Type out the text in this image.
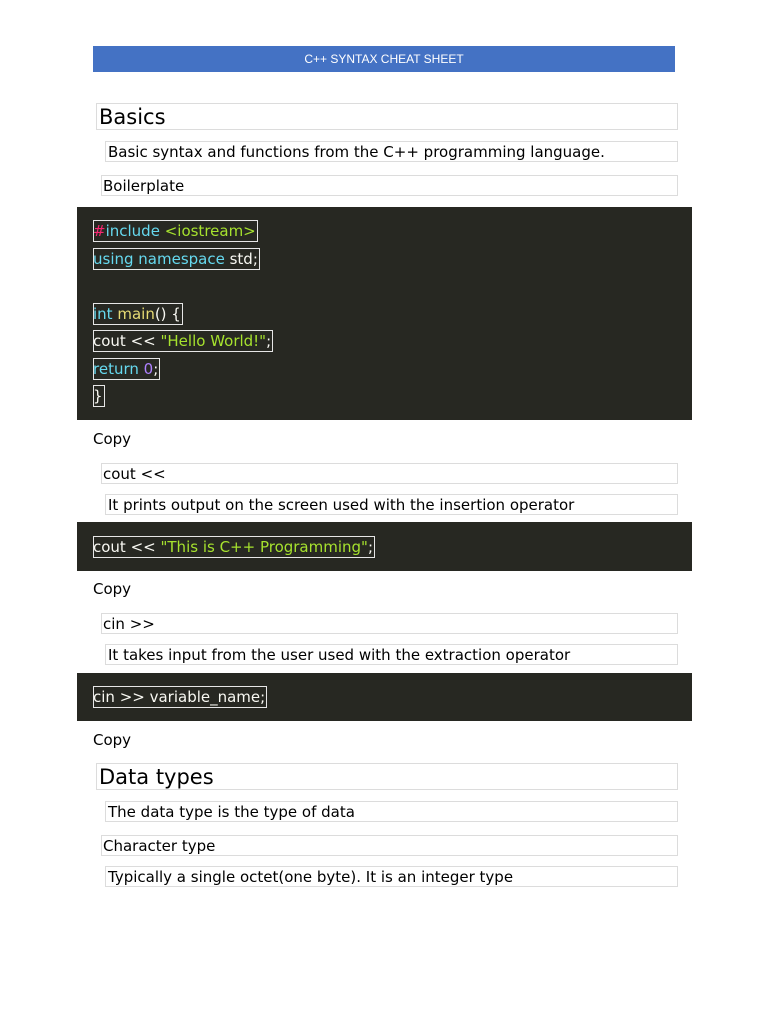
C++ SYNTAX CHEAT SHEET
Basics
Basic syntax and functions from the C++ programming language.
Boilerplate
#include <iostream>
using namespace std;
int main() {
cout << "Hello World!";
return 0;
}
Copy
cout <<
It prints output on the screen used with the insertion operator
cout << "This is C++ Programming";
Copy
cin >>
It takes input from the user used with the extraction operator
cin >> variable_name;
Copy
Data types
The data type is the type of data
Character type
Typically a single octet(one byte). It is an integer type
